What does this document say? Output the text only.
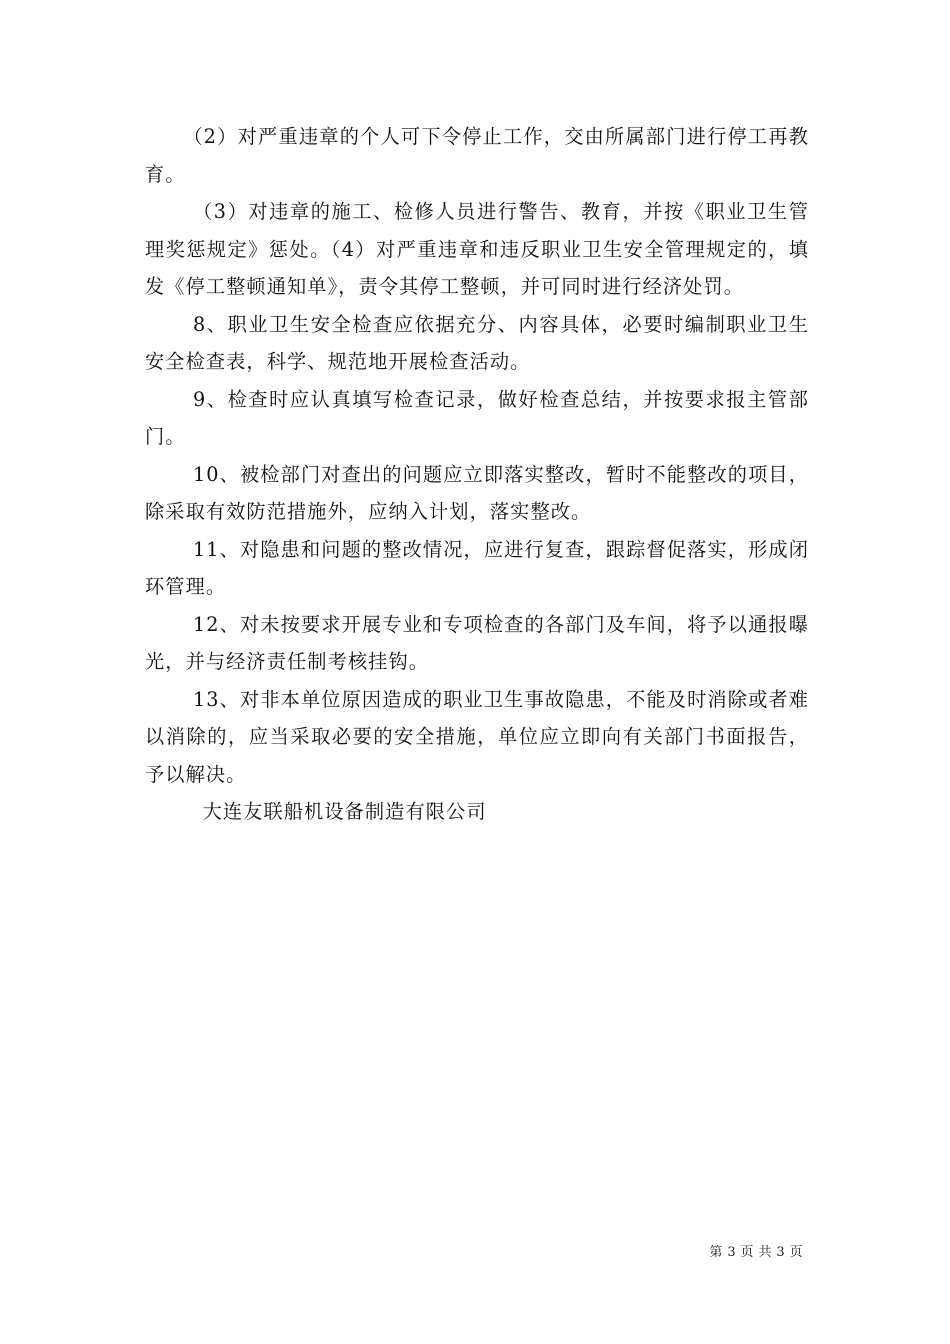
（2）对严重违章的个人可下令停止工作，交由所属部门进行停工再教育。

（3）对违章的施工、检修人员进行警告、教育，并按《职业卫生管理奖惩规定》惩处。（4）对严重违章和违反职业卫生安全管理规定的，填发《停工整顿通知单》，责令其停工整顿，并可同时进行经济处罚。

8、职业卫生安全检查应依据充分、内容具体，必要时编制职业卫生安全检查表，科学、规范地开展检查活动。

9、检查时应认真填写检查记录，做好检查总结，并按要求报主管部门。

10、被检部门对查出的问题应立即落实整改，暂时不能整改的项目，除采取有效防范措施外，应纳入计划，落实整改。

11、对隐患和问题的整改情况，应进行复查，跟踪督促落实，形成闭环管理。

12、对未按要求开展专业和专项检查的各部门及车间，将予以通报曝光，并与经济责任制考核挂钩。

13、对非本单位原因造成的职业卫生事故隐患，不能及时消除或者难以消除的，应当采取必要的安全措施，单位应立即向有关部门书面报告，予以解决。

大连友联船机设备制造有限公司

第 3 页 共 3 页
